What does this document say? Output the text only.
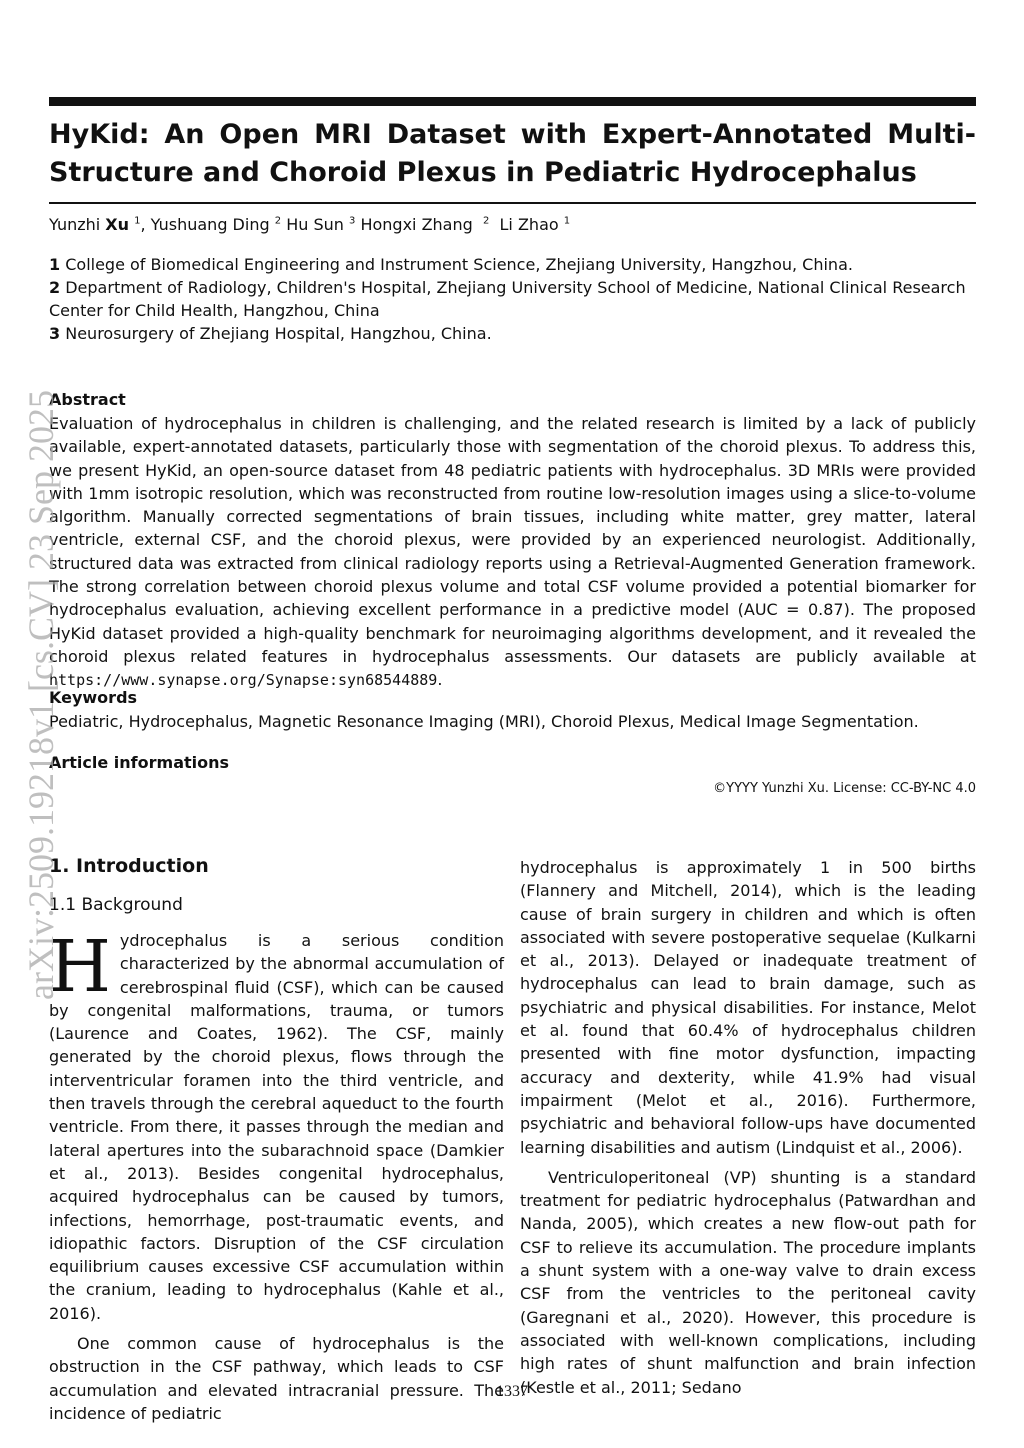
HyKid: An Open MRI Dataset with Expert-Annotated Multi-Structure and Choroid Plexus in Pediatric Hydrocephalus
Yunzhi Xu $^1$, Yushuang Ding $^2$ Hu Sun $^3$ Hongxi Zhang $^2$ Li Zhao $^1$

1 College of Biomedical Engineering and Instrument Science, Zhejiang University, Hangzhou, China.

2 Department of Radiology, Children's Hospital, Zhejiang University School of Medicine, National Clinical Research Center for Child Health, Hangzhou, China

3 Neurosurgery of Zhejiang Hospital, Hangzhou, China.

Abstract
Evaluation of hydrocephalus in children is challenging, and the related research is limited by a lack of publicly available, expert-annotated datasets, particularly those with segmentation of the choroid plexus. To address this, we present HyKid, an open-source dataset from 48 pediatric patients with hydrocephalus. 3D MRIs were provided with 1mm isotropic resolution, which was reconstructed from routine low-resolution images using a slice-to-volume algorithm. Manually corrected segmentations of brain tissues, including white matter, grey matter, lateral ventricle, external CSF, and the choroid plexus, were provided by an experienced neurologist. Additionally, structured data was extracted from clinical radiology reports using a Retrieval-Augmented Generation framework. The strong correlation between choroid plexus volume and total CSF volume provided a potential biomarker for hydrocephalus evaluation, achieving excellent performance in a predictive model (AUC = 0.87). The proposed HyKid dataset provided a high-quality benchmark for neuroimaging algorithms development, and it revealed the choroid plexus related features in hydrocephalus assessments. Our datasets are publicly available at https://www.synapse.org/Synapse:syn68544889.
Keywords
Pediatric, Hydrocephalus, Magnetic Resonance Imaging (MRI), Choroid Plexus, Medical Image Segmentation.
Article informations
©YYYY Yunzhi Xu. License: CC-BY-NC 4.0
1. Introduction
1.1 Background

Hydrocephalus is a serious condition characterized by the abnormal accumulation of cerebrospinal fluid (CSF), which can be caused by congenital malformations, trauma, or tumors (Laurence and Coates, 1962). The CSF, mainly generated by the choroid plexus, flows through the interventricular foramen into the third ventricle, and then travels through the cerebral aqueduct to the fourth ventricle. From there, it passes through the median and lateral apertures into the subarachnoid space (Damkier et al., 2013). Besides congenital hydrocephalus, acquired hydrocephalus can be caused by tumors, infections, hemorrhage, post-traumatic events, and idiopathic factors. Disruption of the CSF circulation equilibrium causes excessive CSF accumulation within the cranium, leading to hydrocephalus (Kahle et al., 2016).

One common cause of hydrocephalus is the obstruction in the CSF pathway, which leads to CSF accumulation and elevated intracranial pressure. The incidence of pediatric

hydrocephalus is approximately 1 in 500 births (Flannery and Mitchell, 2014), which is the leading cause of brain surgery in children and which is often associated with severe postoperative sequelae (Kulkarni et al., 2013). Delayed or inadequate treatment of hydrocephalus can lead to brain damage, such as psychiatric and physical disabilities. For instance, Melot et al. found that 60.4% of hydrocephalus children presented with fine motor dysfunction, impacting accuracy and dexterity, while 41.9% had visual impairment (Melot et al., 2016). Furthermore, psychiatric and behavioral follow-ups have documented learning disabilities and autism (Lindquist et al., 2006).

Ventriculoperitoneal (VP) shunting is a standard treatment for pediatric hydrocephalus (Patwardhan and Nanda, 2005), which creates a new flow-out path for CSF to relieve its accumulation. The procedure implants a shunt system with a one-way valve to drain excess CSF from the ventricles to the peritoneal cavity (Garegnani et al., 2020). However, this procedure is associated with well-known complications, including high rates of shunt malfunction and brain infection (Kestle et al., 2011; Sedano

1337
arXiv:2509.19218v1 [cs.CV] 23 Sep 2025
